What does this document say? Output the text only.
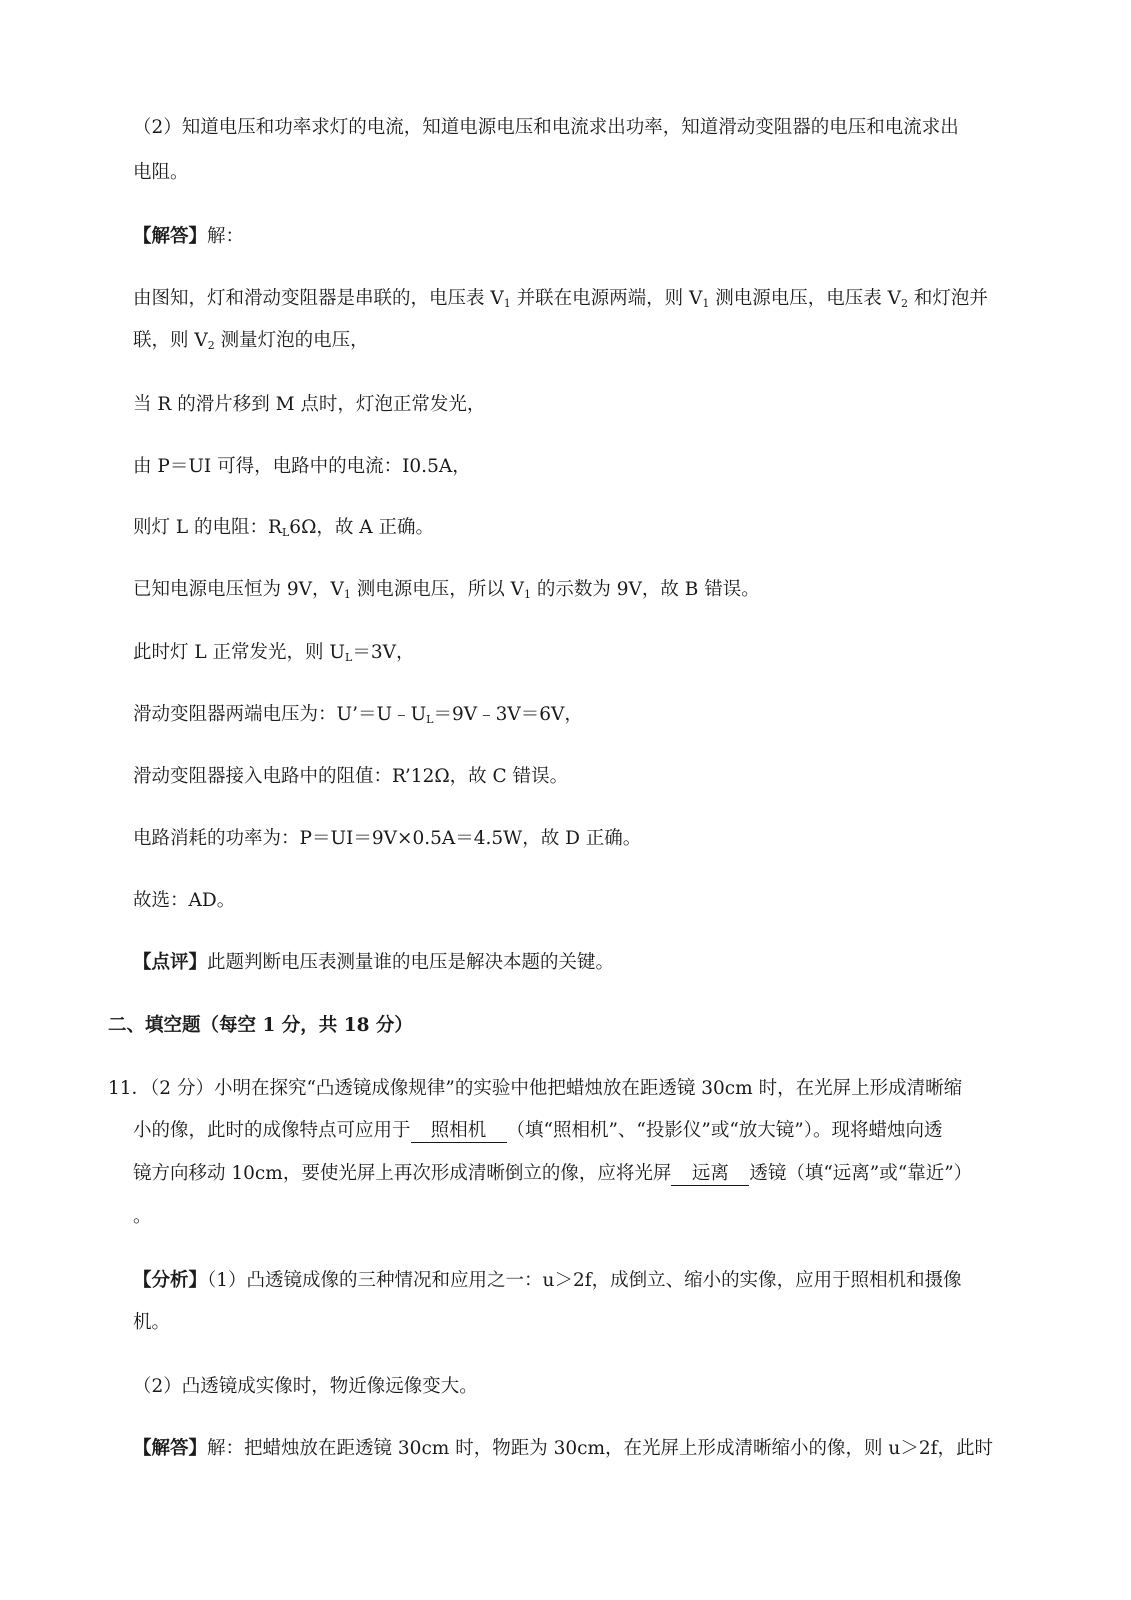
（2）知道电压和功率求灯的电流，知道电源电压和电流求出功率，知道滑动变阻器的电压和电流求出
电阻。
【解答】解：
由图知，灯和滑动变阻器是串联的，电压表 $V_1$ 并联在电源两端，则 $V_1$ 测电源电压，电压表 $V_2$ 和灯泡并
联，则 $V_2$ 测量灯泡的电压，
当 R 的滑片移到 M 点时，灯泡正常发光，
由 P＝UI 可得，电路中的电流：I0.5A，
则灯 L 的电阻：$R_L6\Omega$，故 A 正确。
已知电源电压恒为 9V，$V_1$ 测电源电压，所以 $V_1$ 的示数为 9V，故 B 错误。
此时灯 L 正常发光，则 $U_L=3V$，
滑动变阻器两端电压为：$U’=U﹣U_L=9V﹣3V=6V$，
滑动变阻器接入电路中的阻值：R’12Ω，故 C 错误。
电路消耗的功率为：P＝UI＝9V×0.5A＝4.5W，故 D 正确。
故选：AD。
【点评】此题判断电压表测量谁的电压是解决本题的关键。
二、填空题（每空 1 分，共 18 分）
11．（2 分）小明在探究“凸透镜成像规律”的实验中他把蜡烛放在距透镜 30cm 时，在光屏上形成清晰缩
小的像，此时的成像特点可应用于 照相机 （填“照相机”、“投影仪”或“放大镜”）。现将蜡烛向透
镜方向移动 10cm，要使光屏上再次形成清晰倒立的像，应将光屏 远离 透镜（填“远离”或“靠近”）
。
【分析】（1）凸透镜成像的三种情况和应用之一：u＞2f，成倒立、缩小的实像，应用于照相机和摄像
机。
（2）凸透镜成实像时，物近像远像变大。
【解答】解：把蜡烛放在距透镜 30cm 时，物距为 30cm，在光屏上形成清晰缩小的像，则 u＞2f，此时
